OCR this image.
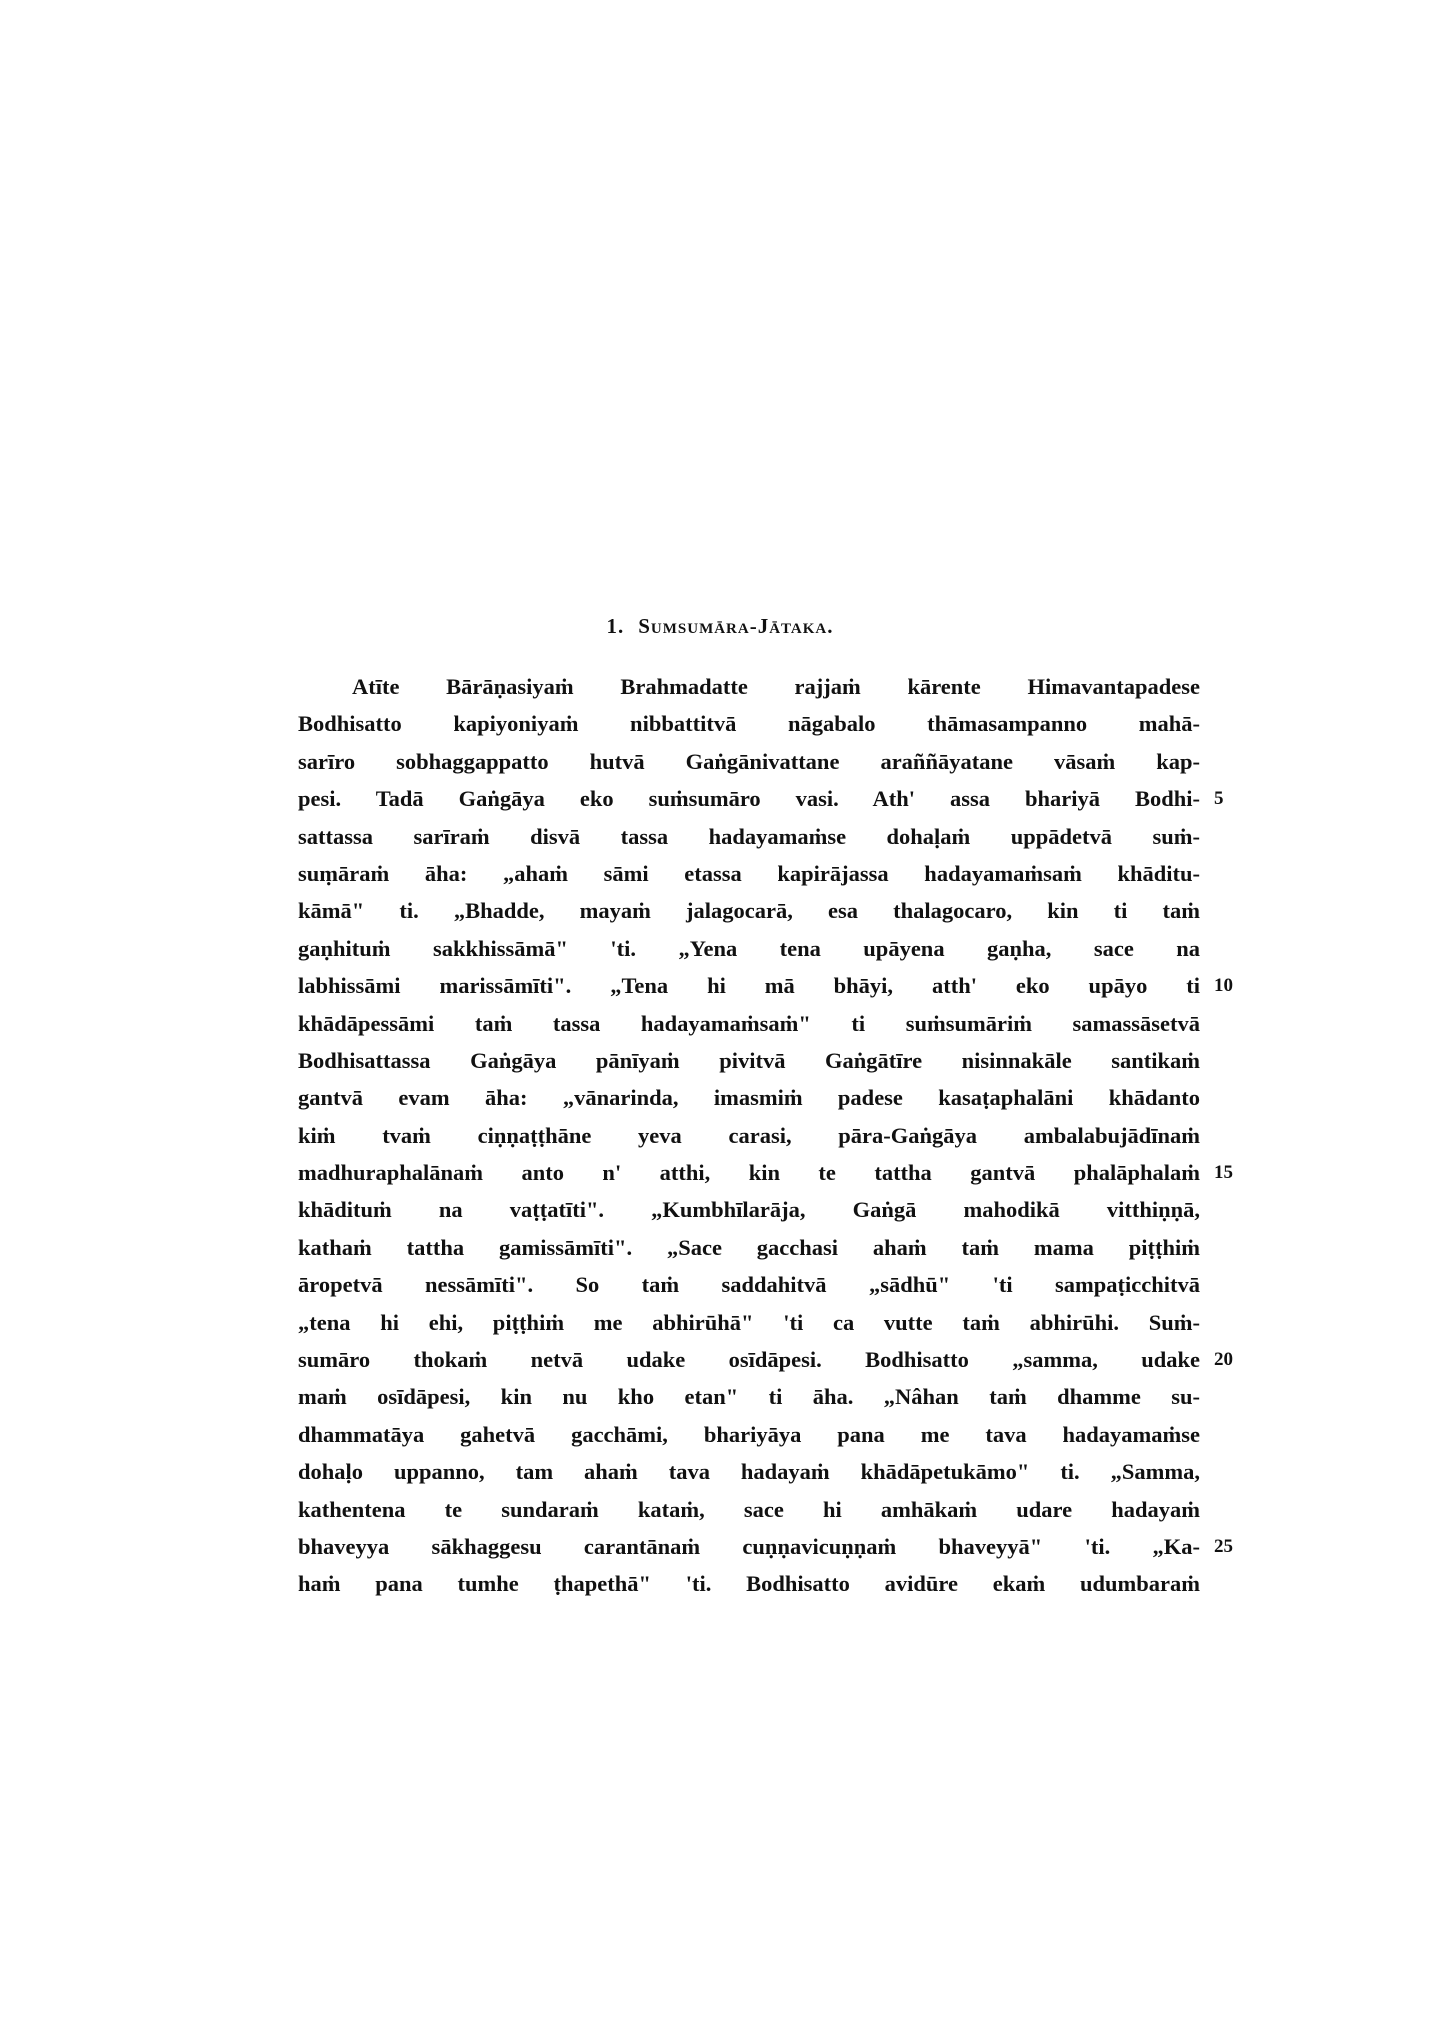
1. Sumsumāra-Jātaka.
Atīte Bārāṇasiyaṁ Brahmadatte rajjaṁ kārente Himavantapadese
Bodhisatto kapiyoniyaṁ nibbattitvā nāgabalo thāmasampanno mahā-
sarīro sobhaggappatto hutvā Gaṅgānivattane araññāyatane vāsaṁ kap-
pesi. Tadā Gaṅgāya eko suṁsumāro vasi. Ath' assa bhariyā Bodhi-
sattassa sarīraṁ disvā tassa hadayamaṁse dohaḷaṁ uppādetvā suṁ-
suṃāraṁ āha: „ahaṁ sāmi etassa kapirājassa hadayamaṁsaṁ khāditu-
kāmā" ti. „Bhadde, mayaṁ jalagocarā, esa thalagocaro, kin ti taṁ
gaṇhituṁ sakkhissāmā" 'ti. „Yena tena upāyena gaṇha, sace na
labhissāmi marissāmīti". „Tena hi mā bhāyi, atth' eko upāyo ti
khādāpessāmi taṁ tassa hadayamaṁsaṁ" ti suṁsumāriṁ samassāsetvā
Bodhisattassa Gaṅgāya pānīyaṁ pivitvā Gaṅgātīre nisinnakāle santikaṁ
gantvā evam āha: „vānarinda, imasmiṁ padese kasaṭaphalāni khādanto
kiṁ tvaṁ ciṇṇaṭṭhāne yeva carasi, pāra-Gaṅgāya ambalabujādīnaṁ
madhuraphalānaṁ anto n' atthi, kin te tattha gantvā phalāphalaṁ
khādituṁ na vaṭṭatīti". „Kumbhīlarāja, Gaṅgā mahodikā vitthiṇṇā,
kathaṁ tattha gamissāmīti". „Sace gacchasi ahaṁ taṁ mama piṭṭhiṁ
āropetvā nessāmīti". So taṁ saddahitvā „sādhū" 'ti sampaṭicchitvā
„tena hi ehi, piṭṭhiṁ me abhirūhā" 'ti ca vutte taṁ abhirūhi. Suṁ-
sumāro thokaṁ netvā udake osīdāpesi. Bodhisatto „samma, udake
maṁ osīdāpesi, kin nu kho etan" ti āha. „Nâhan taṁ dhamme su-
dhammatāya gahetvā gacchāmi, bhariyāya pana me tava hadayamaṁse
dohaḷo uppanno, tam ahaṁ tava hadayaṁ khādāpetukāmo" ti. „Samma,
kathentena te sundaraṁ kataṁ, sace hi amhākaṁ udare hadayaṁ
bhaveyya sākhaggesu carantānaṁ cuṇṇavicuṇṇaṁ bhaveyyā" 'ti. „Ka-
haṁ pana tumhe ṭhapethā" 'ti. Bodhisatto avidūre ekaṁ udumbaraṁ
5
10
15
20
25
